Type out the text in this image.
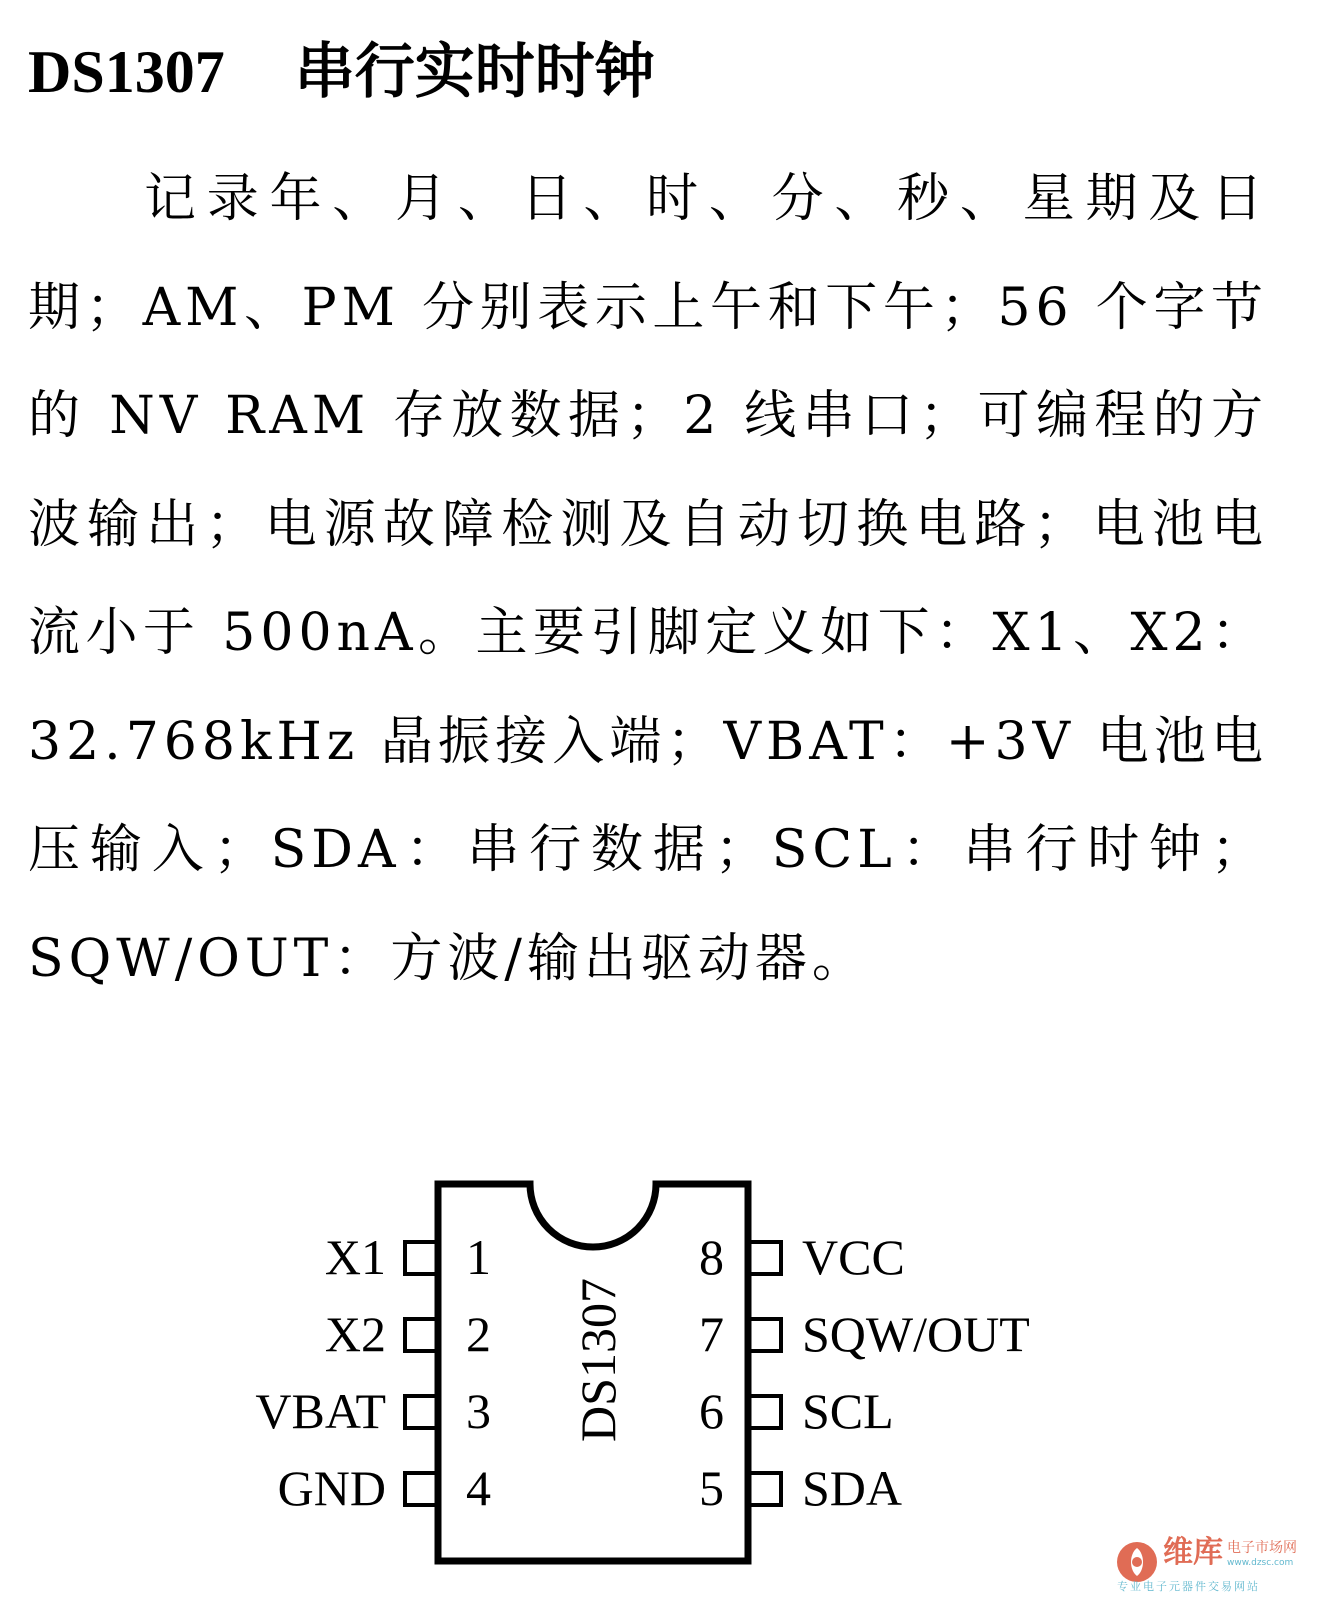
DS1307 串行实时时钟

记录年、月、日、时、分、秒、星期及日期；AM、PM 分别表示上午和下午；56 个字节的 NV RAM 存放数据；2 线串口；可编程的方波输出；电源故障检测及自动切换电路；电池电流小于 500nA。主要引脚定义如下：X1、X2：32.768kHz 晶振接入端；VBAT：+3V 电池电压输入；SDA：串行数据；SCL：串行时钟；SQW/OUT：方波/输出驱动器。

X1
X2
VBAT
GND
1
2
3
4
8
7
6
5
VCC
SQW/OUT
SCL
SDA
DS1307
维库 电子市场网
www.dzsc.com
专业电子元器件交易网站
